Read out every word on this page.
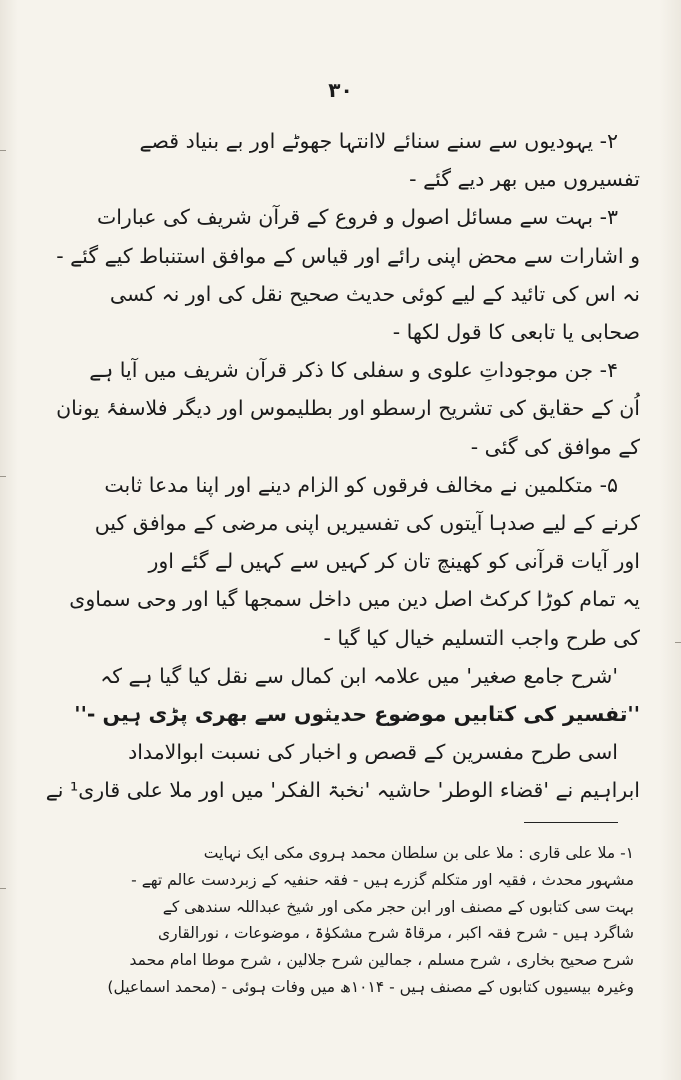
۳۰
۲- یہودیوں سے سنے سنائے لاانتہا جھوٹے اور بے بنیاد قصے
تفسیروں میں بھر دیے گئے -
۳- بہت سے مسائل اصول و فروع کے قرآن شریف کی عبارات
و اشارات سے محض اپنی رائے اور قیاس کے موافق استنباط کیے گئے -
نہ اس کی تائید کے لیے کوئی حدیث صحیح نقل کی اور نہ کسی
صحابی یا تابعی کا قول لکھا -
۴- جن موجوداتِ علوی و سفلی کا ذکر قرآن شریف میں آیا ہے
اُن کے حقایق کی تشریح ارسطو اور بطلیموس اور دیگر فلاسفۂ یونان
کے موافق کی گئی -
۵- متکلمین نے مخالف فرقوں کو الزام دینے اور اپنا مدعا ثابت
کرنے کے لیے صدہا آیتوں کی تفسیریں اپنی مرضی کے موافق کیں
اور آیات قرآنی کو کھینچ تان کر کہیں سے کہیں لے گئے اور
یہ تمام کوڑا کرکٹ اصل دین میں داخل سمجھا گیا اور وحی سماوی
کی طرح واجب التسلیم خیال کیا گیا -
'شرح جامع صغیر' میں علامہ ابن کمال سے نقل کیا گیا ہے کہ
''تفسیر کی کتابیں موضوع حدیثوں سے بھری پڑی ہیں -''
اسی طرح مفسرین کے قصص و اخبار کی نسبت ابوالامداد
ابراہیم نے 'قضاء الوطر' حاشیہ 'نخبۃ الفکر' میں اور ملا علی قاری¹ نے
۱- ملا علی قاری : ملا علی بن سلطان محمد ہروی مکی ایک نہایت
مشہور محدث ، فقیہ اور متکلم گزرے ہیں - فقہ حنفیہ کے زبردست عالم تھے -
بہت سی کتابوں کے مصنف اور ابن حجر مکی اور شیخ عبداللہ سندھی کے
شاگرد ہیں - شرح فقہ اکبر ، مرقاۃ شرح مشکوٰۃ ، موضوعات ، نورالقاری
شرح صحیح بخاری ، شرح مسلم ، جمالین شرح جلالین ، شرح موطا امام محمد
وغیرہ بیسیوں کتابوں کے مصنف ہیں - ۱۰۱۴ھ میں وفات ہوئی - (محمد اسماعیل)
